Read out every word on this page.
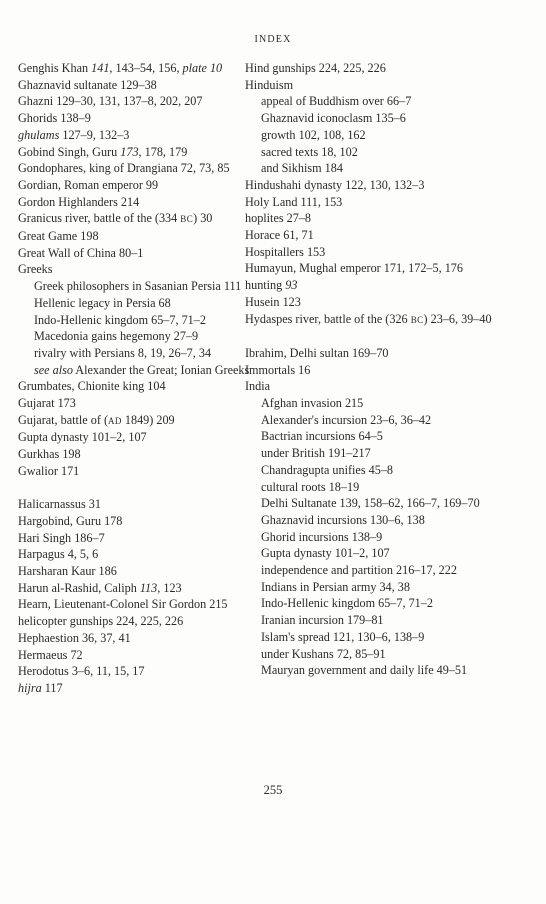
INDEX
Genghis Khan 141, 143–54, 156, plate 10
Ghaznavid sultanate 129–38
Ghazni 129–30, 131, 137–8, 202, 207
Ghorids 138–9
ghulams 127–9, 132–3
Gobind Singh, Guru 173, 178, 179
Gondophares, king of Drangiana 72, 73, 85
Gordian, Roman emperor 99
Gordon Highlanders 214
Granicus river, battle of the (334 BC) 30
Great Game 198
Great Wall of China 80–1
Greeks
Greek philosophers in Sasanian Persia 111
Hellenic legacy in Persia 68
Indo-Hellenic kingdom 65–7, 71–2
Macedonia gains hegemony 27–9
rivalry with Persians 8, 19, 26–7, 34
see also Alexander the Great; Ionian Greeks
Grumbates, Chionite king 104
Gujarat 173
Gujarat, battle of (AD 1849) 209
Gupta dynasty 101–2, 107
Gurkhas 198
Gwalior 171
Halicarnassus 31
Hargobind, Guru 178
Hari Singh 186–7
Harpagus 4, 5, 6
Harsharan Kaur 186
Harun al-Rashid, Caliph 113, 123
Hearn, Lieutenant-Colonel Sir Gordon 215
helicopter gunships 224, 225, 226
Hephaestion 36, 37, 41
Hermaeus 72
Herodotus 3–6, 11, 15, 17
hijra 117
Hind gunships 224, 225, 226
Hinduism
appeal of Buddhism over 66–7
Ghaznavid iconoclasm 135–6
growth 102, 108, 162
sacred texts 18, 102
and Sikhism 184
Hindushahi dynasty 122, 130, 132–3
Holy Land 111, 153
hoplites 27–8
Horace 61, 71
Hospitallers 153
Humayun, Mughal emperor 171, 172–5, 176
hunting 93
Husein 123
Hydaspes river, battle of the (326 BC) 23–6, 39–40
Ibrahim, Delhi sultan 169–70
Immortals 16
India
Afghan invasion 215
Alexander's incursion 23–6, 36–42
Bactrian incursions 64–5
under British 191–217
Chandragupta unifies 45–8
cultural roots 18–19
Delhi Sultanate 139, 158–62, 166–7, 169–70
Ghaznavid incursions 130–6, 138
Ghorid incursions 138–9
Gupta dynasty 101–2, 107
independence and partition 216–17, 222
Indians in Persian army 34, 38
Indo-Hellenic kingdom 65–7, 71–2
Iranian incursion 179–81
Islam's spread 121, 130–6, 138–9
under Kushans 72, 85–91
Mauryan government and daily life 49–51
255
